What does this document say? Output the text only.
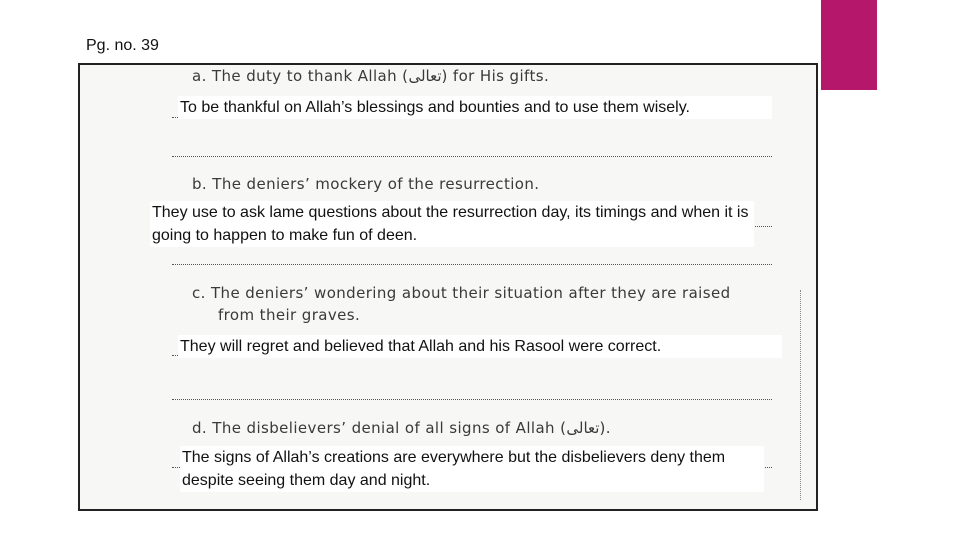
Pg. no. 39
a. The duty to thank Allah (تعالى) for His gifts.
To be thankful on Allah’s blessings and bounties and to use them wisely.
b. The deniers’ mockery of the resurrection.
They use to ask lame questions about the resurrection day, its timings and when it is going to happen to make fun of deen.
c. The deniers’ wondering about their situation after they are raised
from their graves.
They will regret and believed that Allah and his Rasool were correct.
d. The disbelievers’ denial of all signs of Allah (تعالى).
The signs of Allah’s creations are everywhere but the disbelievers deny them despite seeing them day and night.
